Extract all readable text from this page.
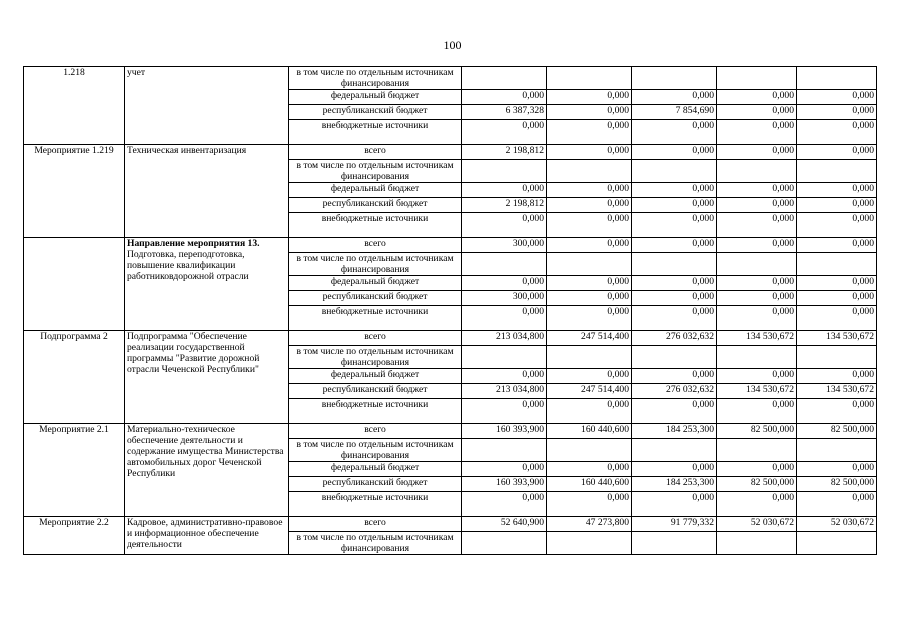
100
1.218	учет	в том числе по отдельным источникам финансирования					
		федеральный бюджет	0,000	0,000	0,000	0,000	0,000
		республиканский бюджет	6 387,328	0,000	7 854,690	0,000	0,000
		внебюджетные источники	0,000	0,000	0,000	0,000	0,000
Мероприятие 1.219	Техническая инвентаризация	всего	2 198,812	0,000	0,000	0,000	0,000
		в том числе по отдельным источникам финансирования					
		федеральный бюджет	0,000	0,000	0,000	0,000	0,000
		республиканский бюджет	2 198,812	0,000	0,000	0,000	0,000
		внебюджетные источники	0,000	0,000	0,000	0,000	0,000
	Направление мероприятия 13. Подготовка, переподготовка, повышение квалификации работниковдорожной отрасли	всего	300,000	0,000	0,000	0,000	0,000
		в том числе по отдельным источникам финансирования					
		федеральный бюджет	0,000	0,000	0,000	0,000	0,000
		республиканский бюджет	300,000	0,000	0,000	0,000	0,000
		внебюджетные источники	0,000	0,000	0,000	0,000	0,000
Подпрограмма 2	Подпрограмма "Обеспечение реализации государственной программы "Развитие дорожной отрасли Чеченской Республики"	всего	213 034,800	247 514,400	276 032,632	134 530,672	134 530,672
		в том числе по отдельным источникам финансирования					
		федеральный бюджет	0,000	0,000	0,000	0,000	0,000
		республиканский бюджет	213 034,800	247 514,400	276 032,632	134 530,672	134 530,672
		внебюджетные источники	0,000	0,000	0,000	0,000	0,000
Мероприятие 2.1	Материально-техническое обеспечение деятельности и содержание имущества Министерства автомобильных дорог Чеченской Республики	всего	160 393,900	160 440,600	184 253,300	82 500,000	82 500,000
		в том числе по отдельным источникам финансирования					
		федеральный бюджет	0,000	0,000	0,000	0,000	0,000
		республиканский бюджет	160 393,900	160 440,600	184 253,300	82 500,000	82 500,000
		внебюджетные источники	0,000	0,000	0,000	0,000	0,000
Мероприятие 2.2	Кадровое, административно-правовое и информационное обеспечение деятельности	всего	52 640,900	47 273,800	91 779,332	52 030,672	52 030,672
		в том числе по отдельным источникам финансирования					
